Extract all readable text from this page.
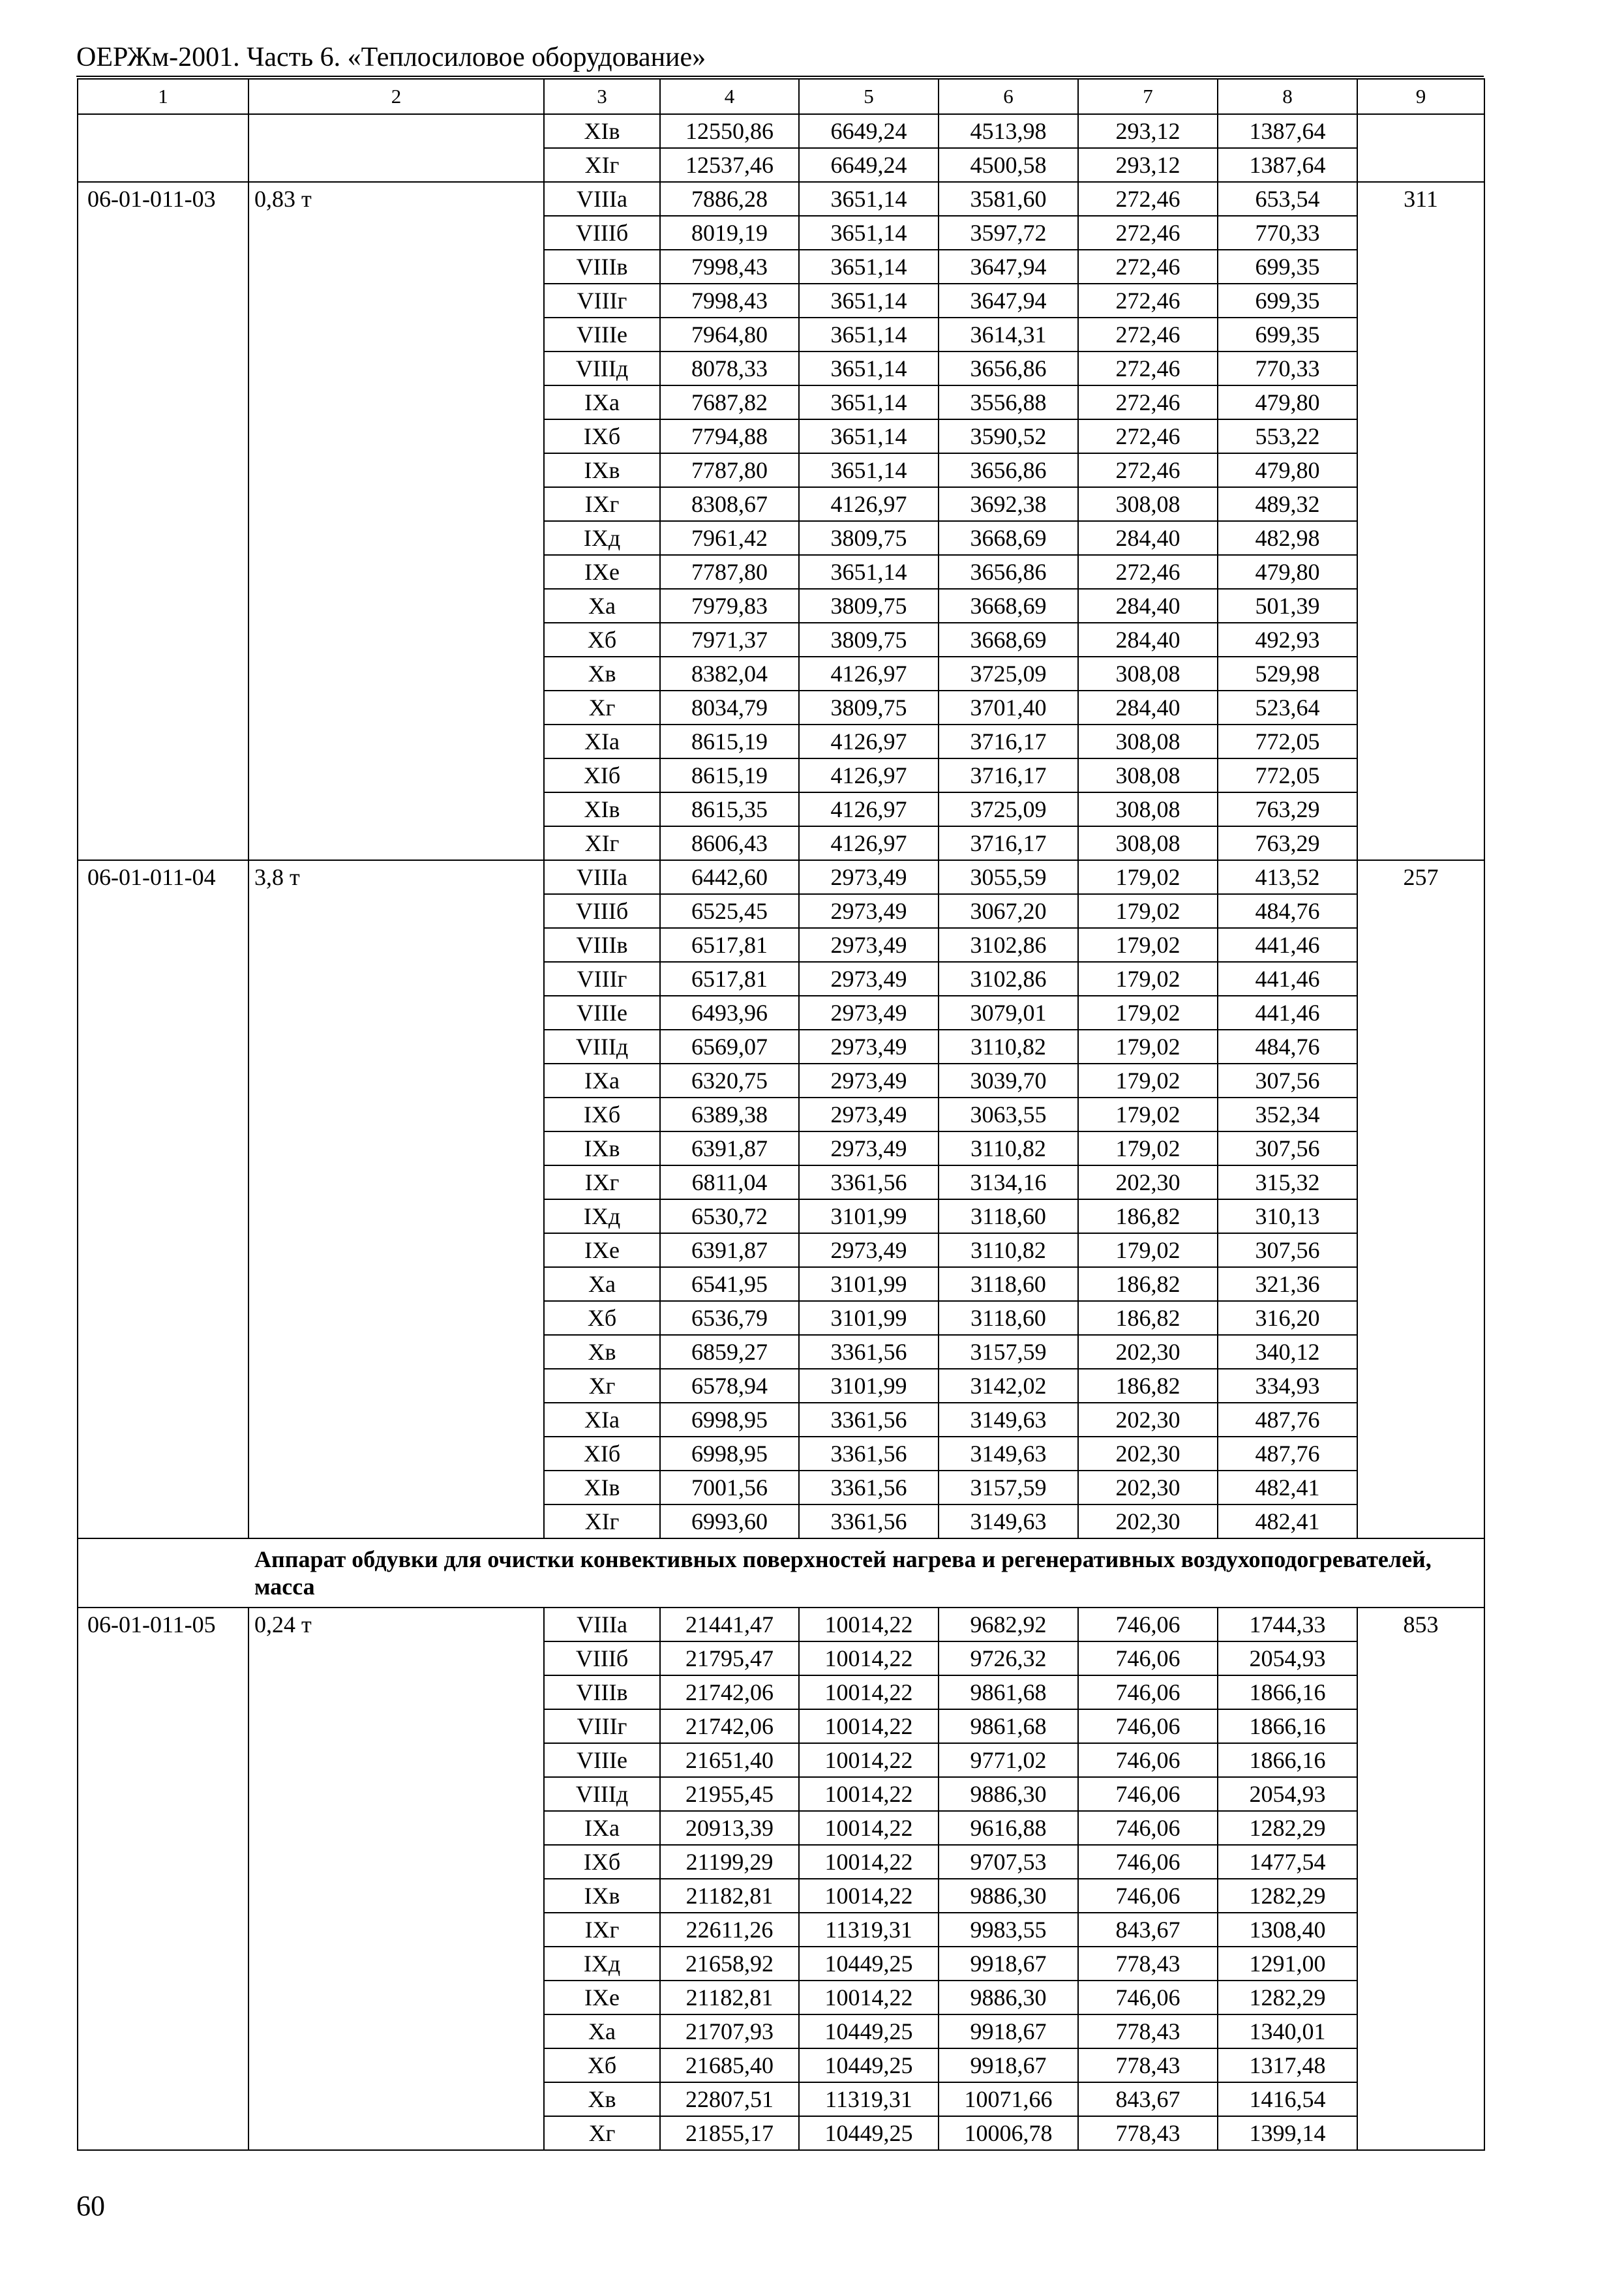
ОЕРЖм-2001. Часть 6. «Теплосиловое оборудование»
1	2	3	4	5	6	7	8	9
		XIв	12550,86	6649,24	4513,98	293,12	1387,64	
		XIг	12537,46	6649,24	4500,58	293,12	1387,64	
06-01-011-03	0,83 т	VIIIа	7886,28	3651,14	3581,60	272,46	653,54	311
		VIIIб	8019,19	3651,14	3597,72	272,46	770,33	
		VIIIв	7998,43	3651,14	3647,94	272,46	699,35	
		VIIIг	7998,43	3651,14	3647,94	272,46	699,35	
		VIIIе	7964,80	3651,14	3614,31	272,46	699,35	
		VIIIд	8078,33	3651,14	3656,86	272,46	770,33	
		IXа	7687,82	3651,14	3556,88	272,46	479,80	
		IXб	7794,88	3651,14	3590,52	272,46	553,22	
		IXв	7787,80	3651,14	3656,86	272,46	479,80	
		IXг	8308,67	4126,97	3692,38	308,08	489,32	
		IXд	7961,42	3809,75	3668,69	284,40	482,98	
		IXе	7787,80	3651,14	3656,86	272,46	479,80	
		Xа	7979,83	3809,75	3668,69	284,40	501,39	
		Xб	7971,37	3809,75	3668,69	284,40	492,93	
		Xв	8382,04	4126,97	3725,09	308,08	529,98	
		Xг	8034,79	3809,75	3701,40	284,40	523,64	
		XIа	8615,19	4126,97	3716,17	308,08	772,05	
		XIб	8615,19	4126,97	3716,17	308,08	772,05	
		XIв	8615,35	4126,97	3725,09	308,08	763,29	
		XIг	8606,43	4126,97	3716,17	308,08	763,29	
06-01-011-04	3,8 т	VIIIа	6442,60	2973,49	3055,59	179,02	413,52	257
		VIIIб	6525,45	2973,49	3067,20	179,02	484,76	
		VIIIв	6517,81	2973,49	3102,86	179,02	441,46	
		VIIIг	6517,81	2973,49	3102,86	179,02	441,46	
		VIIIе	6493,96	2973,49	3079,01	179,02	441,46	
		VIIIд	6569,07	2973,49	3110,82	179,02	484,76	
		IXа	6320,75	2973,49	3039,70	179,02	307,56	
		IXб	6389,38	2973,49	3063,55	179,02	352,34	
		IXв	6391,87	2973,49	3110,82	179,02	307,56	
		IXг	6811,04	3361,56	3134,16	202,30	315,32	
		IXд	6530,72	3101,99	3118,60	186,82	310,13	
		IXе	6391,87	2973,49	3110,82	179,02	307,56	
		Xа	6541,95	3101,99	3118,60	186,82	321,36	
		Xб	6536,79	3101,99	3118,60	186,82	316,20	
		Xв	6859,27	3361,56	3157,59	202,30	340,12	
		Xг	6578,94	3101,99	3142,02	186,82	334,93	
		XIа	6998,95	3361,56	3149,63	202,30	487,76	
		XIб	6998,95	3361,56	3149,63	202,30	487,76	
		XIв	7001,56	3361,56	3157,59	202,30	482,41	
		XIг	6993,60	3361,56	3149,63	202,30	482,41	
Аппарат обдувки для очистки конвективных поверхностей нагрева и регенеративных воздухоподогревателей, масса								
06-01-011-05	0,24 т	VIIIа	21441,47	10014,22	9682,92	746,06	1744,33	853
		VIIIб	21795,47	10014,22	9726,32	746,06	2054,93	
		VIIIв	21742,06	10014,22	9861,68	746,06	1866,16	
		VIIIг	21742,06	10014,22	9861,68	746,06	1866,16	
		VIIIе	21651,40	10014,22	9771,02	746,06	1866,16	
		VIIIд	21955,45	10014,22	9886,30	746,06	2054,93	
		IXа	20913,39	10014,22	9616,88	746,06	1282,29	
		IXб	21199,29	10014,22	9707,53	746,06	1477,54	
		IXв	21182,81	10014,22	9886,30	746,06	1282,29	
		IXг	22611,26	11319,31	9983,55	843,67	1308,40	
		IXд	21658,92	10449,25	9918,67	778,43	1291,00	
		IXе	21182,81	10014,22	9886,30	746,06	1282,29	
		Xа	21707,93	10449,25	9918,67	778,43	1340,01	
		Xб	21685,40	10449,25	9918,67	778,43	1317,48	
		Xв	22807,51	11319,31	10071,66	843,67	1416,54	
		Xг	21855,17	10449,25	10006,78	778,43	1399,14	
60
